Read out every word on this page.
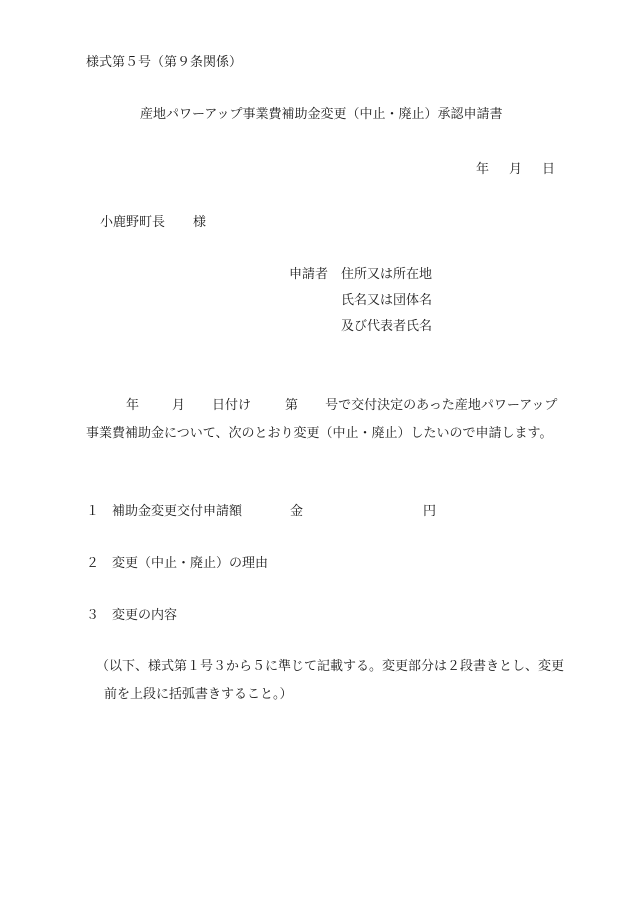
様式第５号（第９条関係）
産地パワーアップ事業費補助金変更（中止・廃止）承認申請書
年 月 日
小鹿野町長 様
申請者 住所又は所在地
氏名又は団体名
及び代表者氏名
年	月 日付け	第 号で交付決定のあった産地パワーアップ
事業費補助金について、次のとおり変更（中止・廃止）したいので申請します。
１ 補助金変更交付申請額	金	円
２ 変更（中止・廃止）の理由
３ 変更の内容
（以下、様式第１号３から５に準じて記載する。変更部分は２段書きとし、変更
前を上段に括弧書きすること。）
